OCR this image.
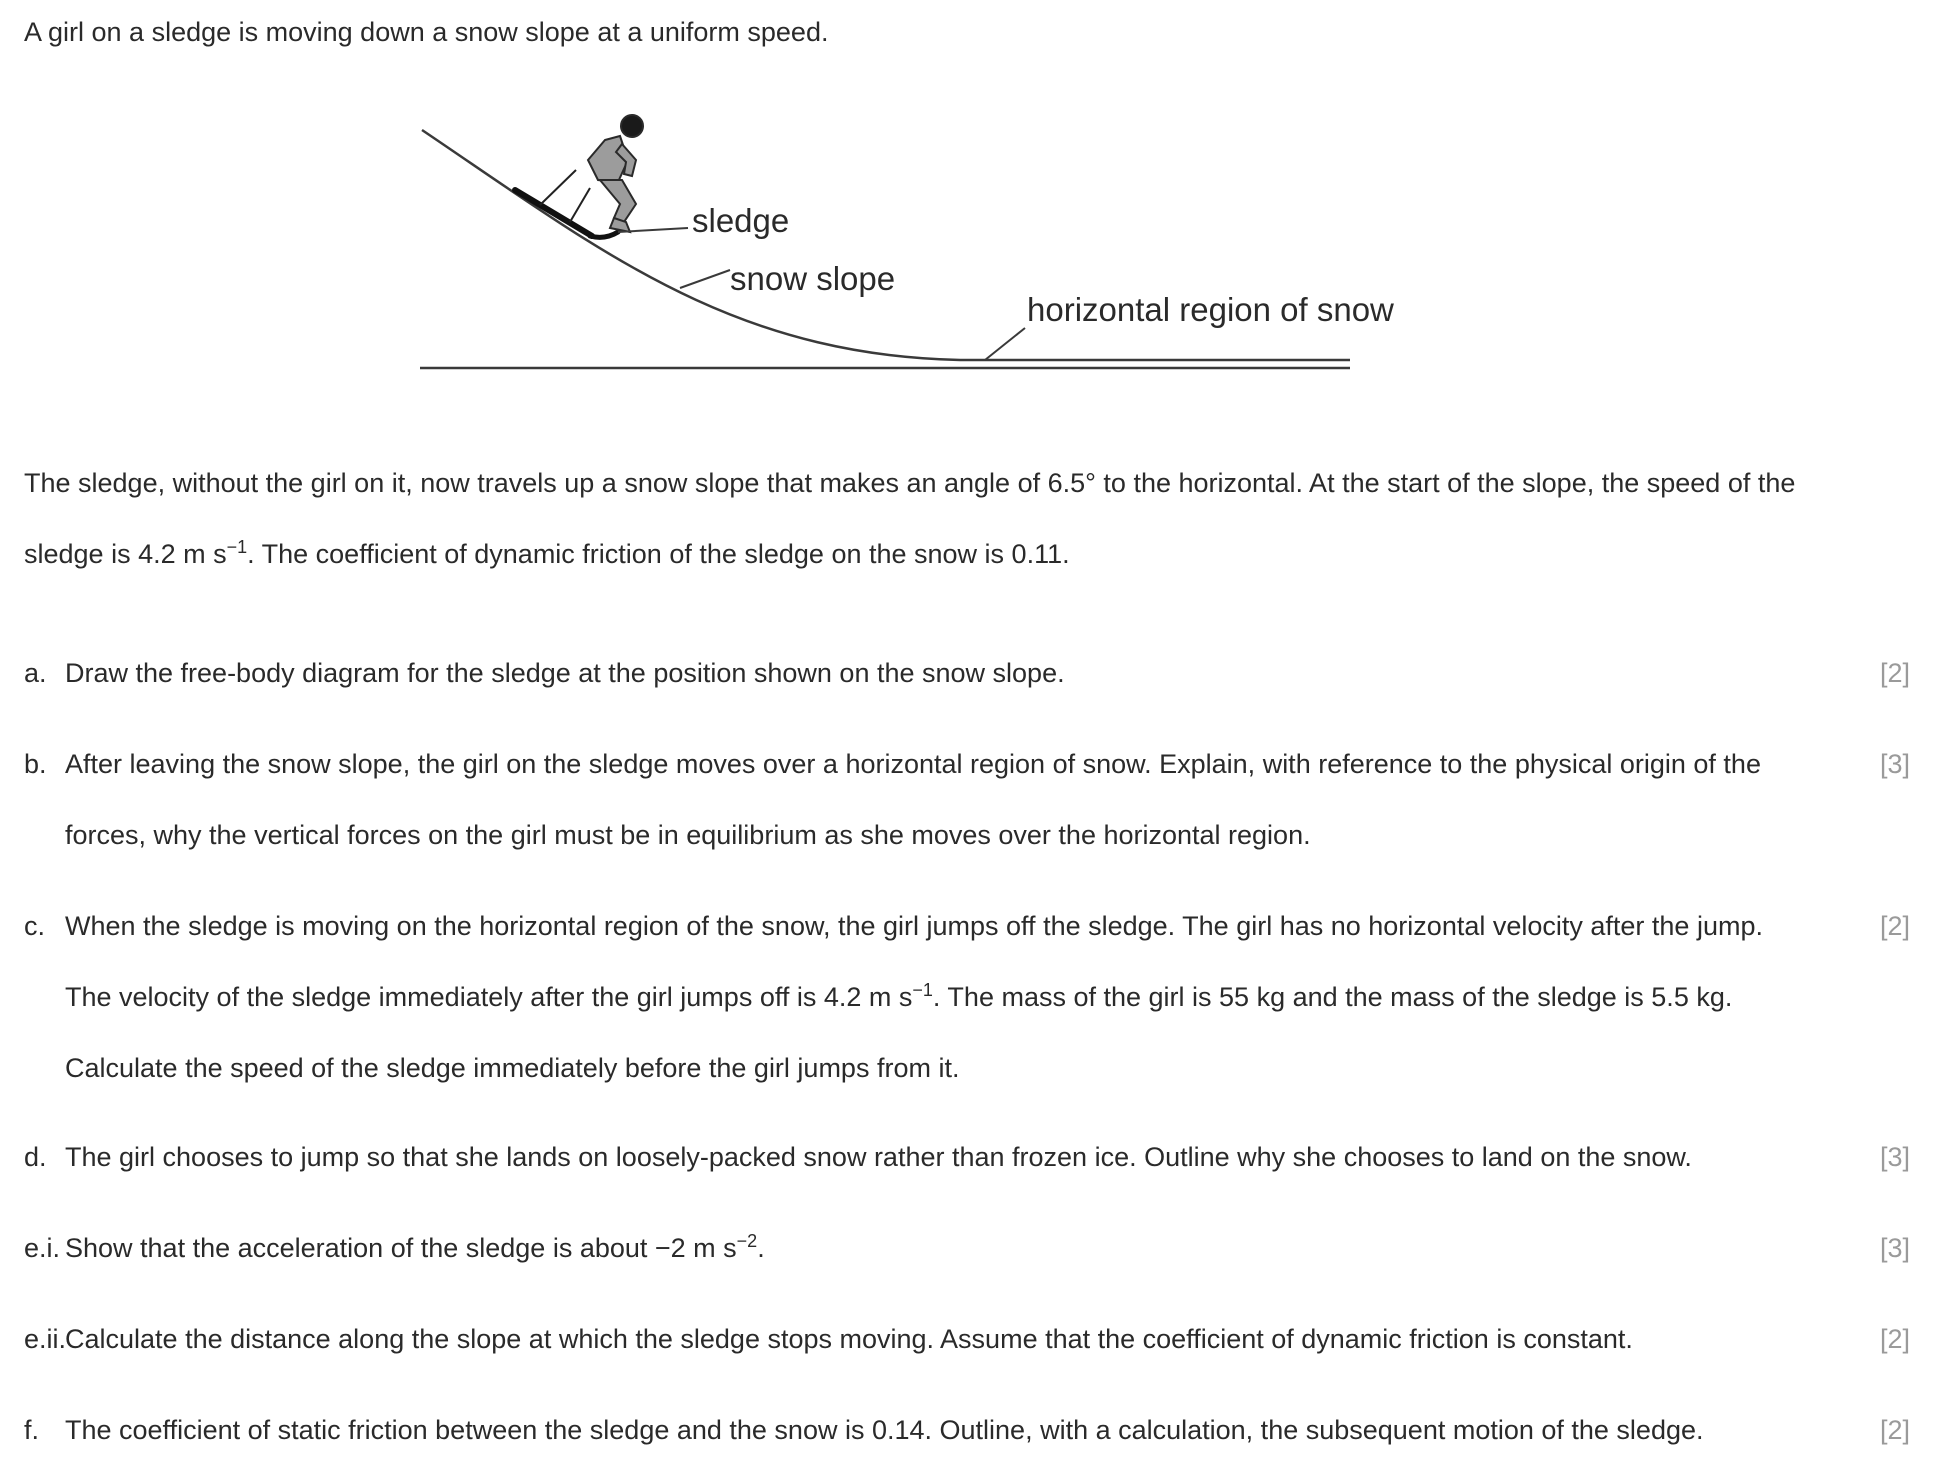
A girl on a sledge is moving down a snow slope at a uniform speed.

sledge
snow slope
horizontal region of snow

The sledge, without the girl on it, now travels up a snow slope that makes an angle of 6.5° to the horizontal. At the start of the slope, the speed of the
sledge is 4.2 m $s^{-1}$. The coefficient of dynamic friction of the sledge on the snow is 0.11.

a. Draw the free-body diagram for the sledge at the position shown on the snow slope.	[2]
b. After leaving the snow slope, the girl on the sledge moves over a horizontal region of snow. Explain, with reference to the physical origin of the
forces, why the vertical forces on the girl must be in equilibrium as she moves over the horizontal region.
[3]
c. When the sledge is moving on the horizontal region of the snow, the girl jumps off the sledge. The girl has no horizontal velocity after the jump.
The velocity of the sledge immediately after the girl jumps off is 4.2 m $s^{-1}$. The mass of the girl is 55 kg and the mass of the sledge is 5.5 kg.
Calculate the speed of the sledge immediately before the girl jumps from it.
[2]
d. The girl chooses to jump so that she lands on loosely-packed snow rather than frozen ice. Outline why she chooses to land on the snow.	[3]
e.i. Show that the acceleration of the sledge is about −2 m $s^{-2}$.	[3]
e.ii.
Calculate the distance along the slope at which the sledge stops moving. Assume that the coefficient of dynamic friction is constant.	[2]
f. The coefficient of static friction between the sledge and the snow is 0.14. Outline, with a calculation, the subsequent motion of the sledge.	[2]
